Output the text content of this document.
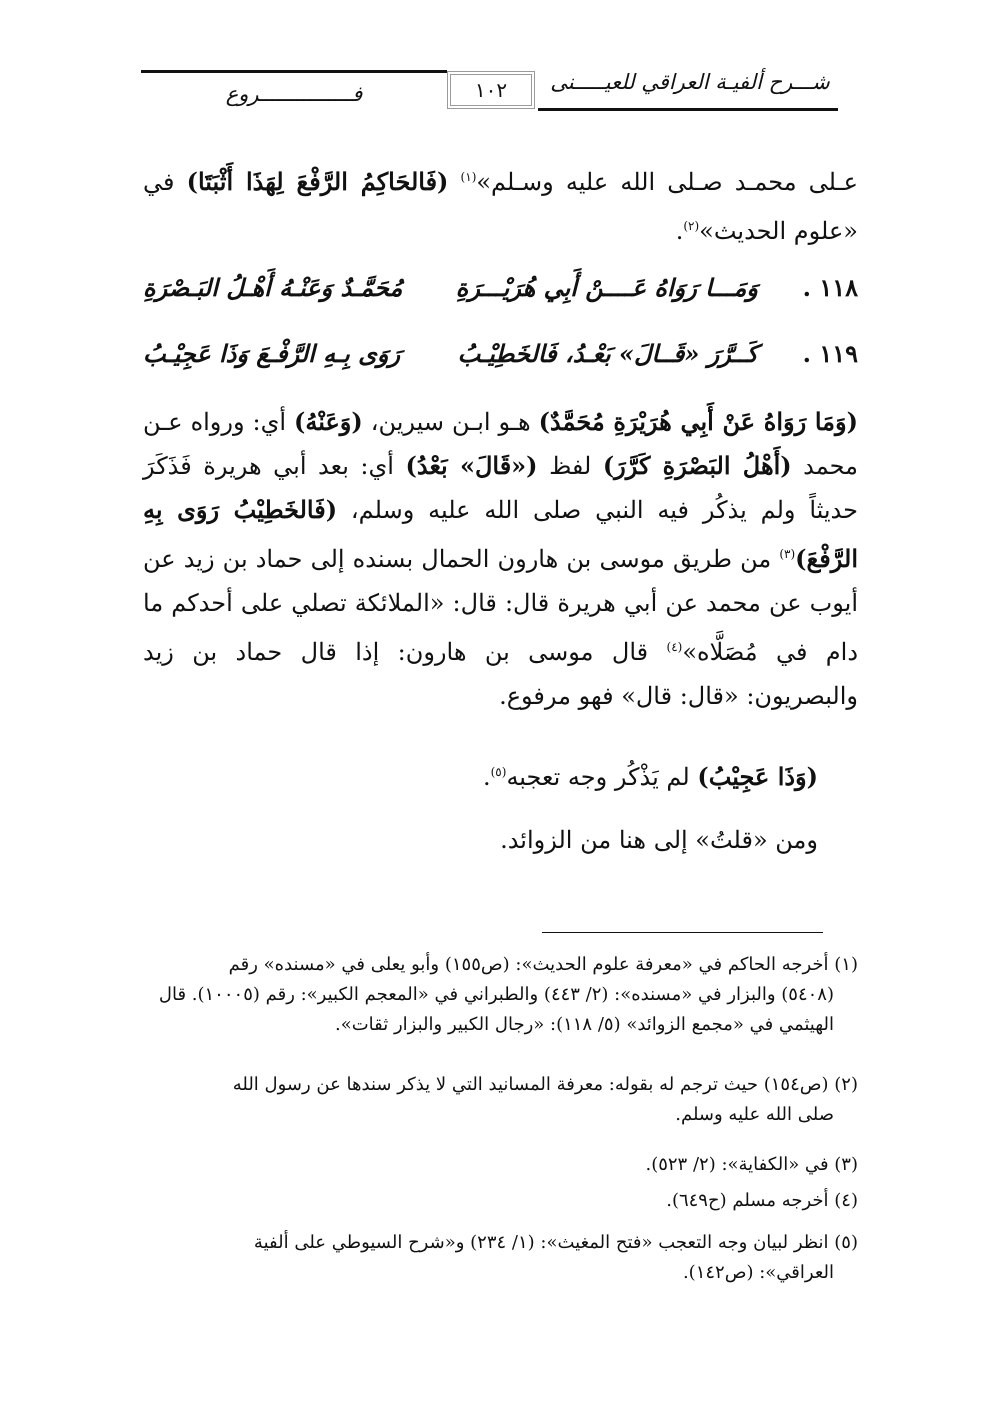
شـــرح ألفيـة العراقي للعيـــــنى
١٠٢
فـــــــــــــــروع
عـلى محمـد صـلى الله عليه وسـلم»$^{(١)}$ (فَالحَاكِمُ الرَّفْعَ لِهَذَا أَثْبَتَا) في «علوم الحديث»$^{(٢)}$.
١١٨ .
وَمَـــا رَوَاهُ عَــــنْ أَبِي هُرَيْـــرَةِ
مُحَمَّـدٌ وَعَنْـهُ أَهْـلُ البَـصْرَةِ
١١٩ .
كَــرَّرَ «قَــالَ» بَعْـدُ، فَالخَطِيْـبُ
رَوَى بِـهِ الرَّفْـعَ وَذَا عَجِيْـبُ
(وَمَا رَوَاهُ عَنْ أَبِي هُرَيْرَةِ مُحَمَّدٌ) هـو ابـن سيرين، (وَعَنْهُ) أي: ورواه عـن محمد (أَهْلُ البَصْرَةِ كَرَّرَ) لفظ («قَالَ» بَعْدُ) أي: بعد أبي هريرة فَذَكَرَ حديثاً ولم يذكُر فيه النبي صلى الله عليه وسلم، (فَالخَطِيْبُ رَوَى بِهِ الرَّفْعَ)$^{(٣)}$ من طريق موسى بن هارون الحمال بسنده إلى حماد بن زيد عن أيوب عن محمد عن أبي هريرة قال: قال: «الملائكة تصلي على أحدكم ما دام في مُصَلَّاه»$^{(٤)}$ قال موسى بن هارون: إذا قال حماد بن زيد والبصريون: «قال: قال» فهو مرفوع.
(وَذَا عَجِيْبُ) لم يَذْكُر وجه تعجبه$^{(٥)}$.
ومن «قلتُ» إلى هنا من الزوائد.
(١) أخرجه الحاكم في «معرفة علوم الحديث»: (ص١٥٥) وأبو يعلى في «مسنده» رقم
(٥٤٠٨) والبزار في «مسنده»: (٢/ ٤٤٣) والطبراني في «المعجم الكبير»: رقم (١٠٠٠٥). قال
الهيثمي في «مجمع الزوائد» (٥/ ١١٨): «رجال الكبير والبزار ثقات».
(٢) (ص١٥٤) حيث ترجم له بقوله: معرفة المسانيد التي لا يذكر سندها عن رسول الله
صلى الله عليه وسلم.
(٣) في «الكفاية»: (٢/ ٥٢٣).
(٤) أخرجه مسلم (ح٦٤٩).
(٥) انظر لبيان وجه التعجب «فتح المغيث»: (١/ ٢٣٤) و«شرح السيوطي على ألفية
العراقي»: (ص١٤٢).
